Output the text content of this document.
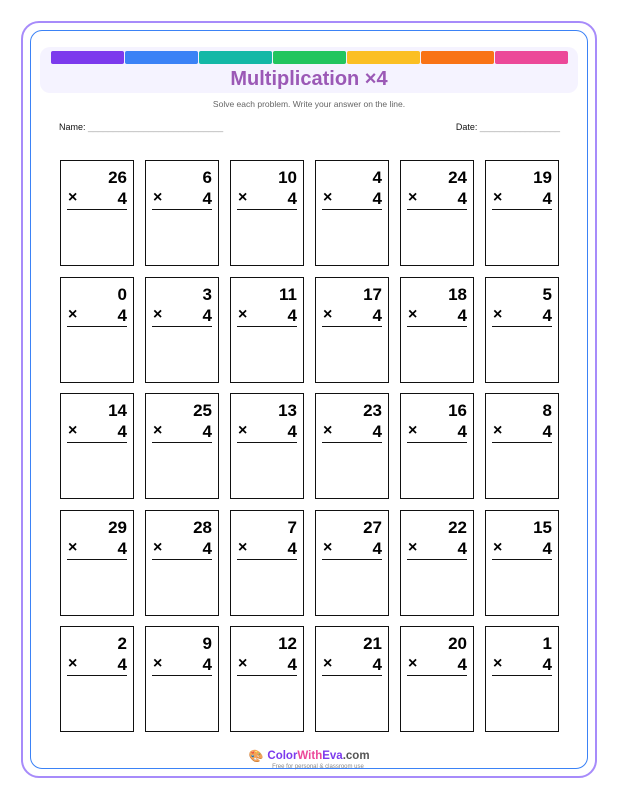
Multiplication ×4
Solve each problem. Write your answer on the line.
Name: ___________________________	Date: ________________
26
× 4
6
× 4
10
× 4
4
× 4
24
× 4
19
× 4
0
× 4
3
× 4
11
× 4
17
× 4
18
× 4
5
× 4
14
× 4
25
× 4
13
× 4
23
× 4
16
× 4
8
× 4
29
× 4
28
× 4
7
× 4
27
× 4
22
× 4
15
× 4
2
× 4
9
× 4
12
× 4
21
× 4
20
× 4
1
× 4
🎨 ColorWithEva.com
Free for personal & classroom use
